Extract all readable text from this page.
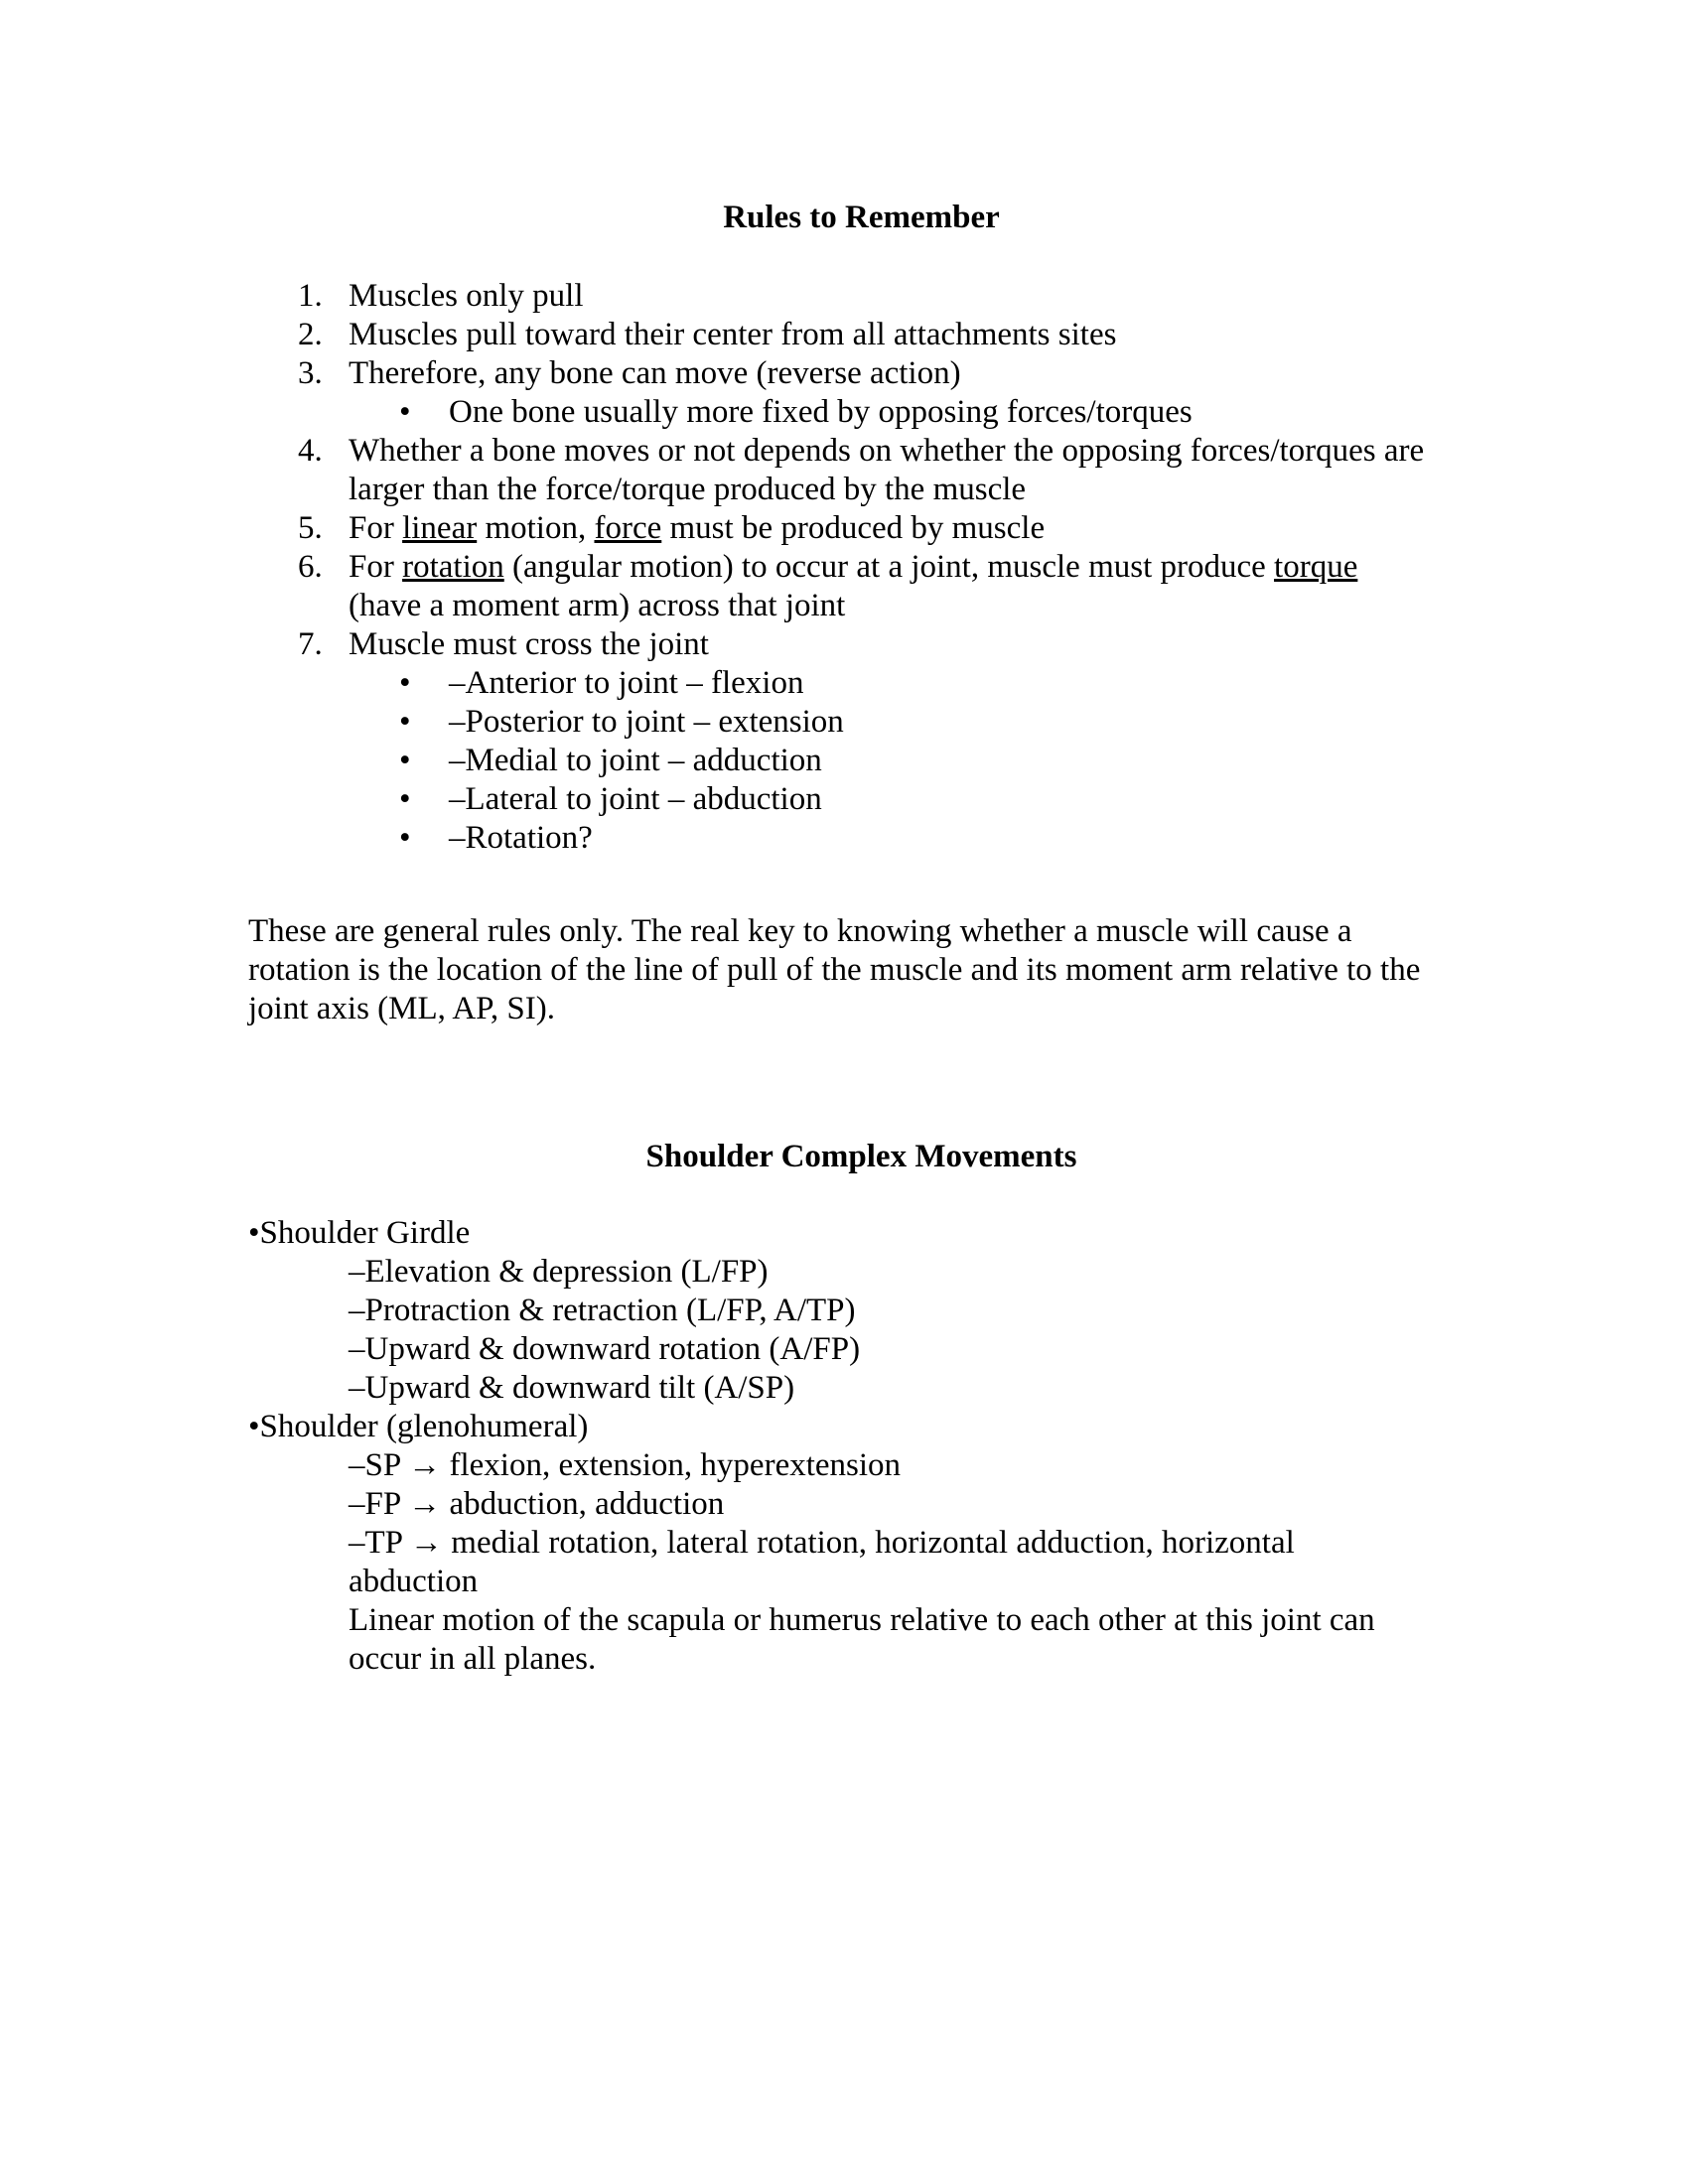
Rules to Remember
1. Muscles only pull
2. Muscles pull toward their center from all attachments sites
3. Therefore, any bone can move (reverse action)
• One bone usually more fixed by opposing forces/torques
4. Whether a bone moves or not depends on whether the opposing forces/torques are
larger than the force/torque produced by the muscle
5. For linear motion, force must be produced by muscle
6. For rotation (angular motion) to occur at a joint, muscle must produce torque
(have a moment arm) across that joint
7. Muscle must cross the joint
• –Anterior to joint – flexion
• –Posterior to joint – extension
• –Medial to joint – adduction
• –Lateral to joint – abduction
• –Rotation?
These are general rules only. The real key to knowing whether a muscle will cause a
rotation is the location of the line of pull of the muscle and its moment arm relative to the
joint axis (ML, AP, SI).
Shoulder Complex Movements
•Shoulder Girdle
–Elevation & depression (L/FP)
–Protraction & retraction (L/FP, A/TP)
–Upward & downward rotation (A/FP)
–Upward & downward tilt (A/SP)
•Shoulder (glenohumeral)
–SP → flexion, extension, hyperextension
–FP → abduction, adduction
–TP → medial rotation, lateral rotation, horizontal adduction, horizontal
abduction
Linear motion of the scapula or humerus relative to each other at this joint can
occur in all planes.
